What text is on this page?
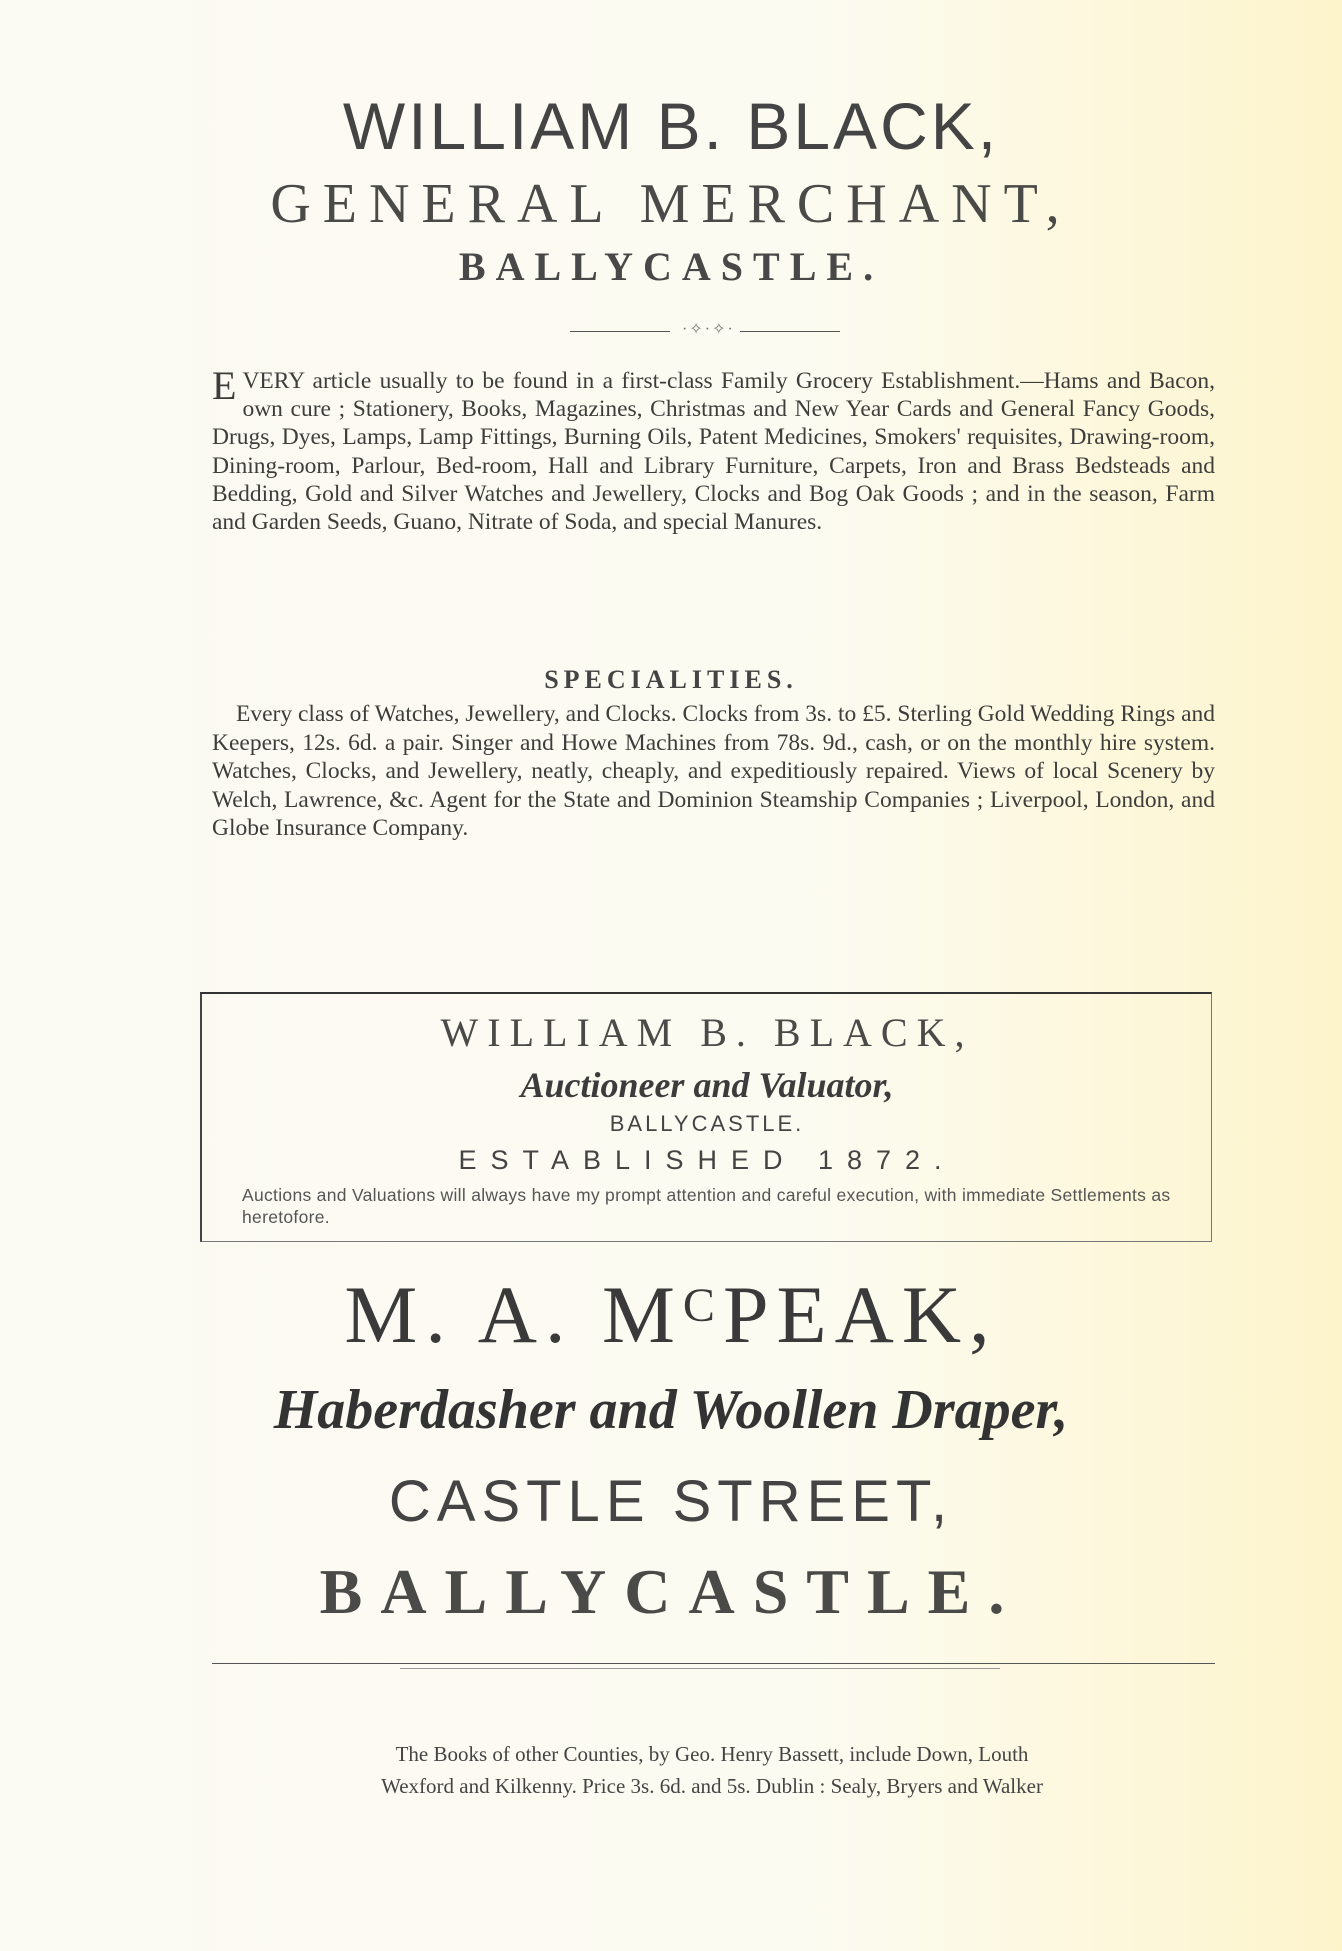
WILLIAM B. BLACK,
GENERAL MERCHANT,
BALLYCASTLE.
·✧·✧·
EVERY article usually to be found in a first-class Family Grocery Establishment.—Hams and Bacon, own cure ; Stationery, Books, Magazines, Christmas and New Year Cards and General Fancy Goods, Drugs, Dyes, Lamps, Lamp Fittings, Burning Oils, Patent Medicines, Smokers' requisites, Drawing-room, Dining-room, Parlour, Bed-room, Hall and Library Furniture, Carpets, Iron and Brass Bedsteads and Bedding, Gold and Silver Watches and Jewellery, Clocks and Bog Oak Goods ; and in the season, Farm and Garden Seeds, Guano, Nitrate of Soda, and special Manures.
SPECIALITIES.
Every class of Watches, Jewellery, and Clocks. Clocks from 3s. to £5. Sterling Gold Wedding Rings and Keepers, 12s. 6d. a pair. Singer and Howe Machines from 78s. 9d., cash, or on the monthly hire system. Watches, Clocks, and Jewellery, neatly, cheaply, and expeditiously repaired. Views of local Scenery by Welch, Lawrence, &c. Agent for the State and Dominion Steamship Companies ; Liverpool, London, and Globe Insurance Company.
WILLIAM B. BLACK,
Auctioneer and Valuator,
BALLYCASTLE.
ESTABLISHED 1872.
Auctions and Valuations will always have my prompt attention and careful execution, with immediate Settlements as heretofore.
M. A. $M^CPEAK$,
Haberdasher and Woollen Draper,
CASTLE STREET,
BALLYCASTLE.
The Books of other Counties, by Geo. Henry Bassett, include Down, Louth
Wexford and Kilkenny. Price 3s. 6d. and 5s. Dublin : Sealy, Bryers and Walker
